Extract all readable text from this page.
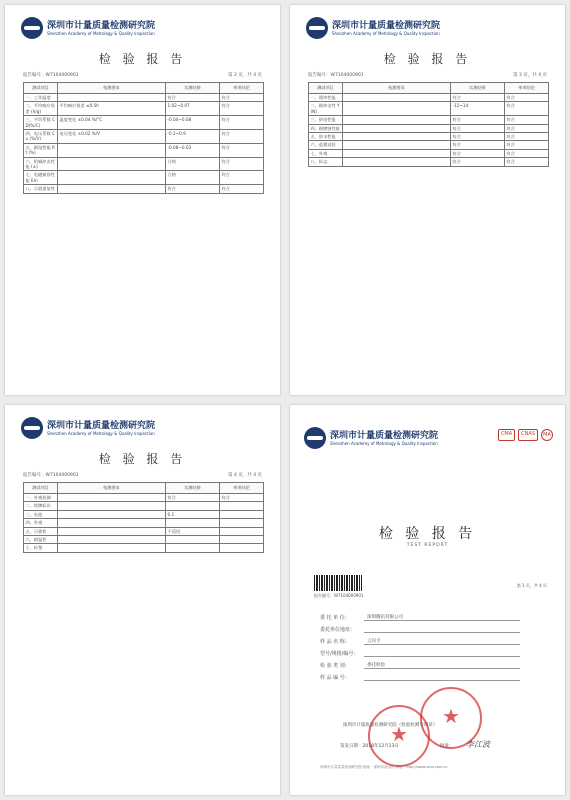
深圳市计量质量检测研究院
Shenzhen Academy of Metrology & Quality Inspection
检 验 报 告
报告编号：W7104000901	第 2 页，共 4 页
测试项目	检测要求	实测结果	单项结论
一、工作温度		符合	符合
二、平均响应误差 (h/g)	平均响应误差 ≤0.5h	1.02~0.07	符合
三、平均系数 CD(%/C)	温度变化 ±0.04 %/°C	-0.04~0.08	符合
四、电压系数 Cu (%/V)	电压变化 ±0.02 %/V	-0.2~0.9	符合
五、耐湿性能 Rt (%)		-0.08~0.03	符合
六、机械冲击性能 (±)		合格	符合
七、电磁兼容性能 Em		合格	符合
八、示值重复性		符合	符合
深圳市计量质量检测研究院
Shenzhen Academy of Metrology & Quality Inspection
检 验 报 告
报告编号：W7104000901	第 3 页，共 4 页
测试项目	检测要求	实测结果	单项结论
一、缓冲性能		符合	符合
二、耐冲击性 Y(N)		-12~14	符合
三、防电性能		符合	符合
四、耐腐蚀性能		符合	符合
五、防水性能		符合	符合
六、盐雾试验		符合	符合
七、外观		符合	符合
八、标志		符合	符合
深圳市计量质量检测研究院
Shenzhen Academy of Metrology & Quality Inspection
检 验 报 告
报告编号：W7104000901	第 4 页，共 4 页
测试项目	检测要求	实测结果	单项结论
一、外观检测		符合	符合
二、铭牌标识			
三、电池		0.1	
四、外观			
五、可靠性		不适用	
六、耐温性			
七、标签			
深圳市计量质量检测研究院
Shenzhen Academy of Metrology & Quality Inspection
CMA	CNAS	MA
检 验 报 告
TEST REPORT
报告编号：W7104000901
第 1 页，共 4 页
委 托 单 位：	深圳腾讯有限公司
委托单位地址：
样 品 名 称：	云闪卡
型号/规格/编号：
检 验 类 别：	委托检验
样 品 编 号：
★
★
深圳市计量质量检测研究院（检验检测专用章）
签发日期：2018年12月13日	批准： 李江波
深圳市计量质量检测研究院 地址：深圳市南山区 网址：http://www.smq.com.cn
